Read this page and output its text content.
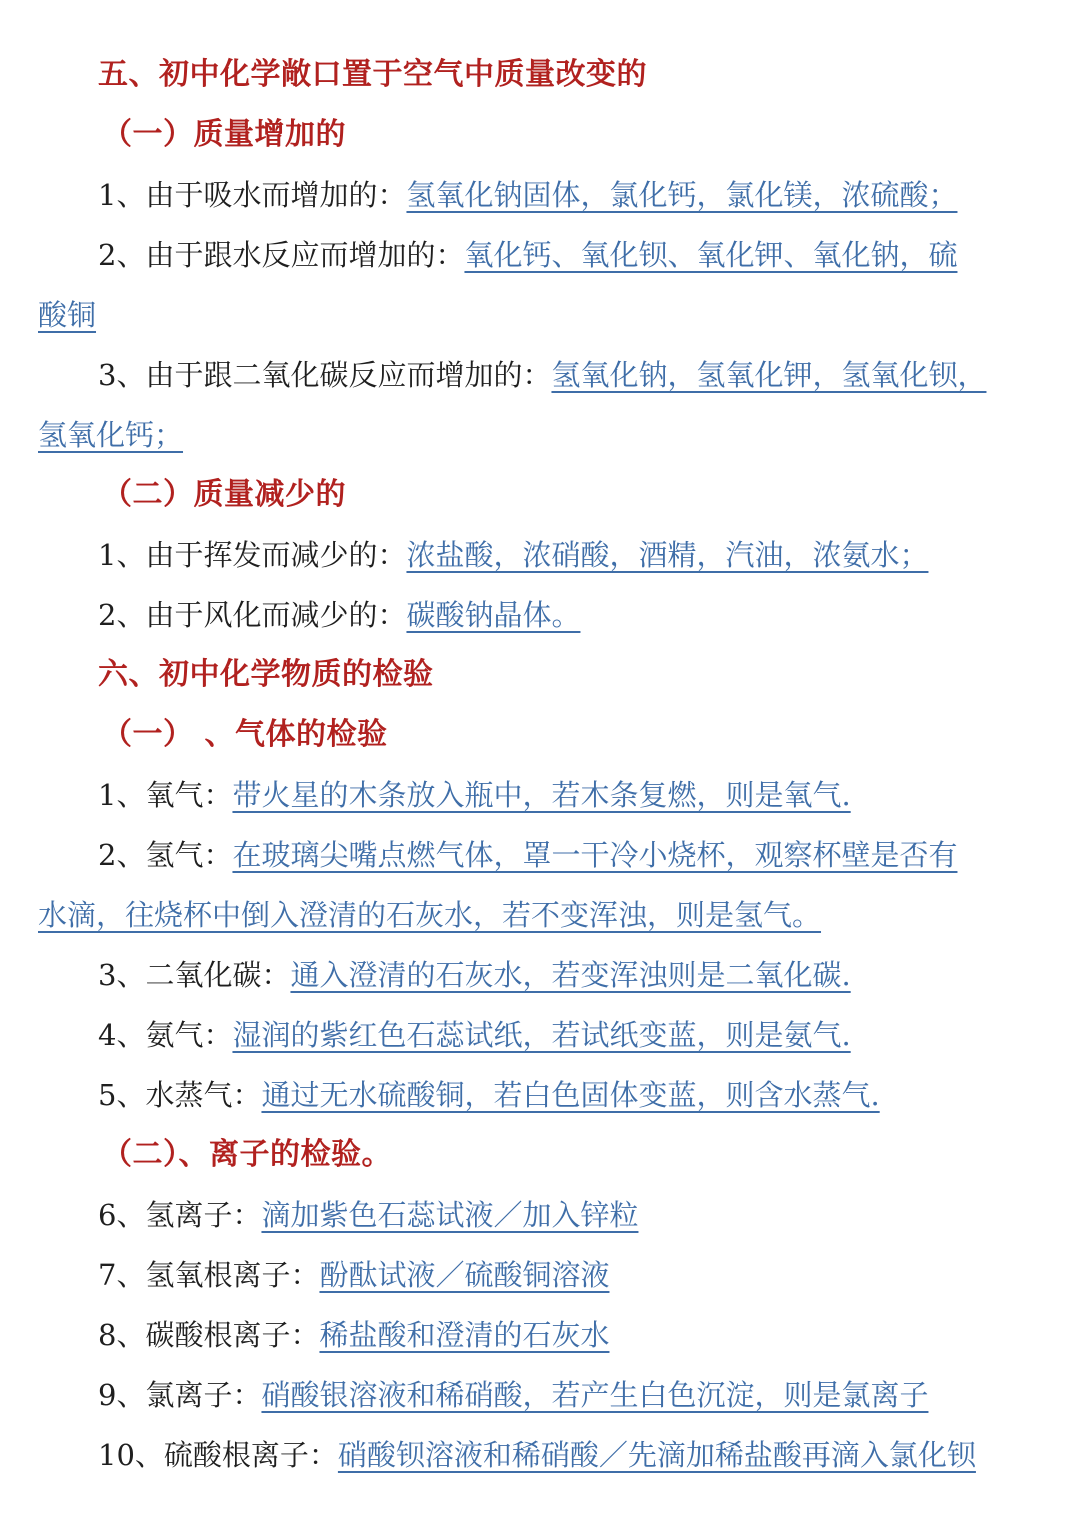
五、初中化学敞口置于空气中质量改变的
（一）质量增加的
1、由于吸水而增加的：氢氧化钠固体，氯化钙，氯化镁，浓硫酸；
2、由于跟水反应而增加的：氧化钙、氧化钡、氧化钾、氧化钠，硫
酸铜
3、由于跟二氧化碳反应而增加的：氢氧化钠，氢氧化钾，氢氧化钡，
氢氧化钙；
（二）质量减少的
1、由于挥发而减少的：浓盐酸，浓硝酸，酒精，汽油，浓氨水；
2、由于风化而减少的：碳酸钠晶体。
六、初中化学物质的检验
（一） 、气体的检验
1、氧气：带火星的木条放入瓶中，若木条复燃，则是氧气.
2、氢气：在玻璃尖嘴点燃气体，罩一干冷小烧杯，观察杯壁是否有
水滴，往烧杯中倒入澄清的石灰水，若不变浑浊，则是氢气。
3、二氧化碳：通入澄清的石灰水，若变浑浊则是二氧化碳.
4、氨气：湿润的紫红色石蕊试纸，若试纸变蓝，则是氨气.
5、水蒸气：通过无水硫酸铜，若白色固体变蓝，则含水蒸气.
（二）、离子的检验。
6、氢离子：滴加紫色石蕊试液／加入锌粒
7、氢氧根离子：酚酞试液／硫酸铜溶液
8、碳酸根离子：稀盐酸和澄清的石灰水
9、氯离子：硝酸银溶液和稀硝酸，若产生白色沉淀，则是氯离子
10、硫酸根离子：硝酸钡溶液和稀硝酸／先滴加稀盐酸再滴入氯化钡
